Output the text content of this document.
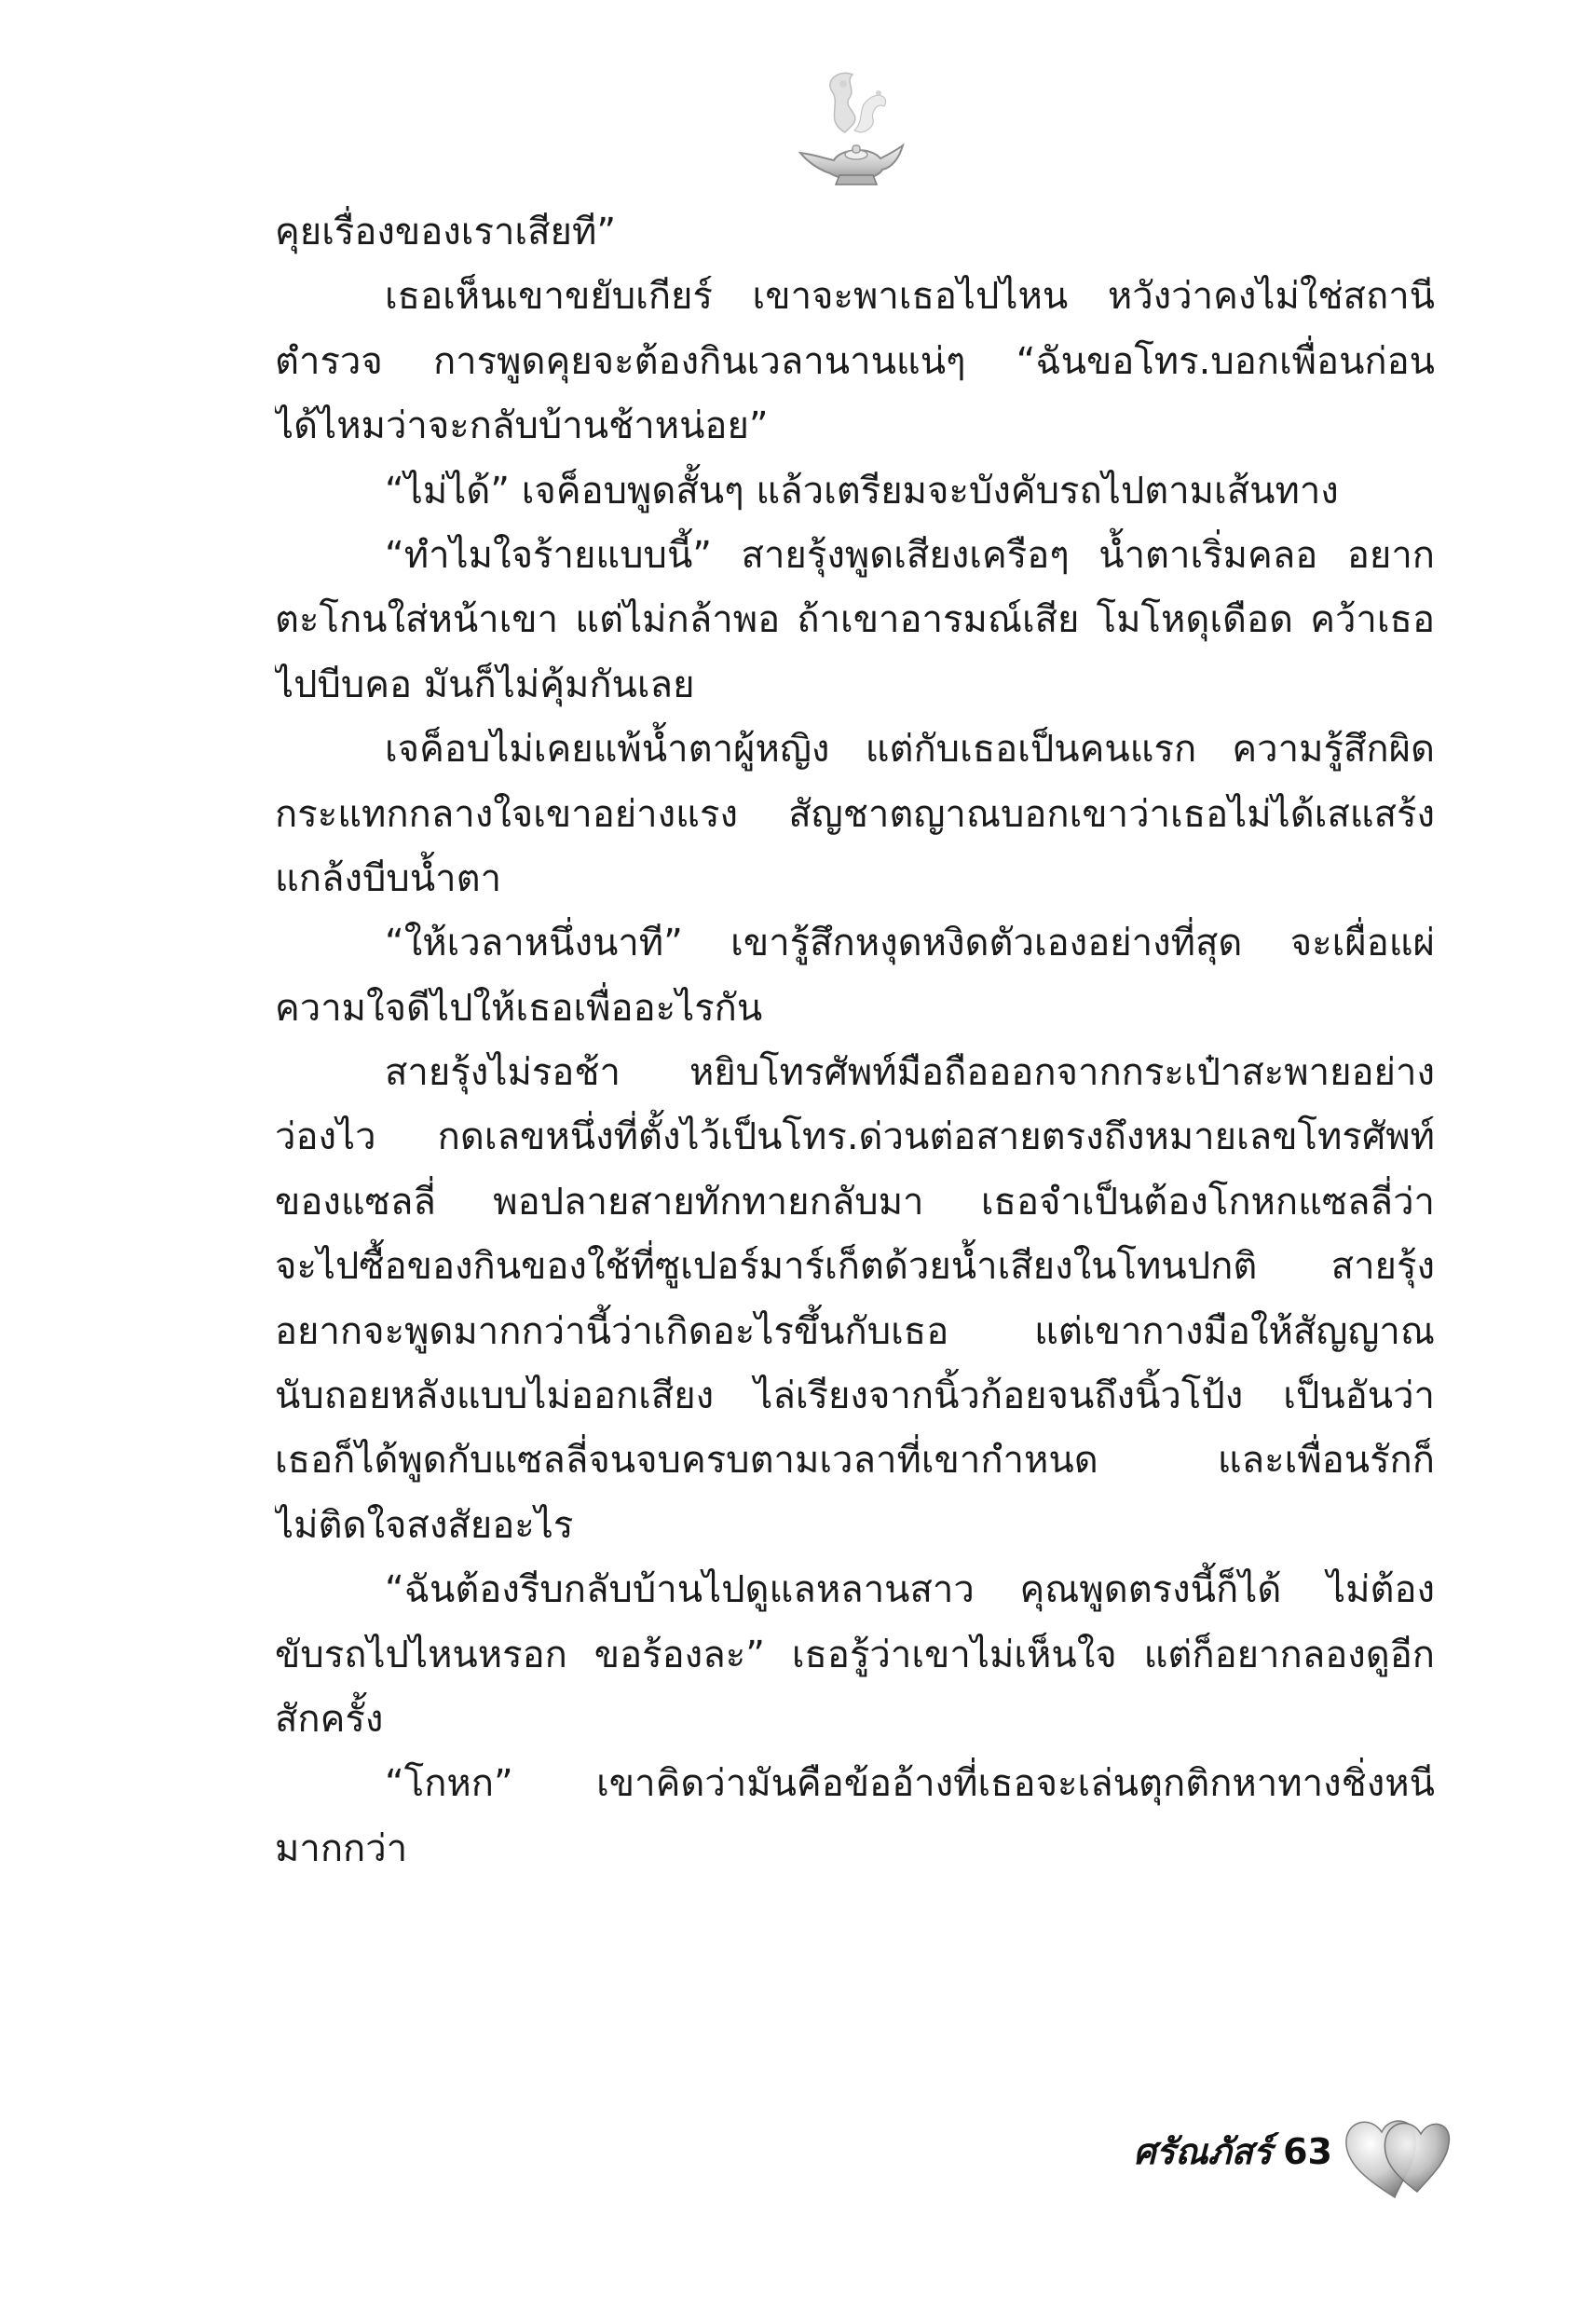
คุยเรื่องของเราเสียที”
เธอเห็นเขาขยับเกียร์ เขาจะพาเธอไปไหน หวังว่าคงไม่ใช่สถานี
ตำรวจ การพูดคุยจะต้องกินเวลานานแน่ๆ “ฉันขอโทร.บอกเพื่อนก่อน
ได้ไหมว่าจะกลับบ้านช้าหน่อย”
“ไม่ได้” เจค็อบพูดสั้นๆ แล้วเตรียมจะบังคับรถไปตามเส้นทาง
“ทำไมใจร้ายแบบนี้” สายรุ้งพูดเสียงเครือๆ น้ำตาเริ่มคลอ อยาก
ตะโกนใส่หน้าเขา แต่ไม่กล้าพอ ถ้าเขาอารมณ์เสีย โมโหดุเดือด คว้าเธอ
ไปบีบคอ มันก็ไม่คุ้มกันเลย
เจค็อบไม่เคยแพ้น้ำตาผู้หญิง แต่กับเธอเป็นคนแรก ความรู้สึกผิด
กระแทกกลางใจเขาอย่างแรง สัญชาตญาณบอกเขาว่าเธอไม่ได้เสแสร้ง
แกล้งบีบน้ำตา
“ให้เวลาหนึ่งนาที” เขารู้สึกหงุดหงิดตัวเองอย่างที่สุด จะเผื่อแผ่
ความใจดีไปให้เธอเพื่ออะไรกัน
สายรุ้งไม่รอช้า หยิบโทรศัพท์มือถือออกจากกระเป๋าสะพายอย่าง
ว่องไว กดเลขหนึ่งที่ตั้งไว้เป็นโทร.ด่วนต่อสายตรงถึงหมายเลขโทรศัพท์
ของแซลลี่ พอปลายสายทักทายกลับมา เธอจำเป็นต้องโกหกแซลลี่ว่า
จะไปซื้อของกินของใช้ที่ซูเปอร์มาร์เก็ตด้วยน้ำเสียงในโทนปกติ สายรุ้ง
อยากจะพูดมากกว่านี้ว่าเกิดอะไรขึ้นกับเธอ แต่เขากางมือให้สัญญาณ
นับถอยหลังแบบไม่ออกเสียง ไล่เรียงจากนิ้วก้อยจนถึงนิ้วโป้ง เป็นอันว่า
เธอก็ได้พูดกับแซลลี่จนจบครบตามเวลาที่เขากำหนด และเพื่อนรักก็
ไม่ติดใจสงสัยอะไร
“ฉันต้องรีบกลับบ้านไปดูแลหลานสาว คุณพูดตรงนี้ก็ได้ ไม่ต้อง
ขับรถไปไหนหรอก ขอร้องละ” เธอรู้ว่าเขาไม่เห็นใจ แต่ก็อยากลองดูอีก
สักครั้ง
“โกหก” เขาคิดว่ามันคือข้ออ้างที่เธอจะเล่นตุกติกหาทางชิ่งหนี
มากกว่า
ศรัณภัสร์ 63
